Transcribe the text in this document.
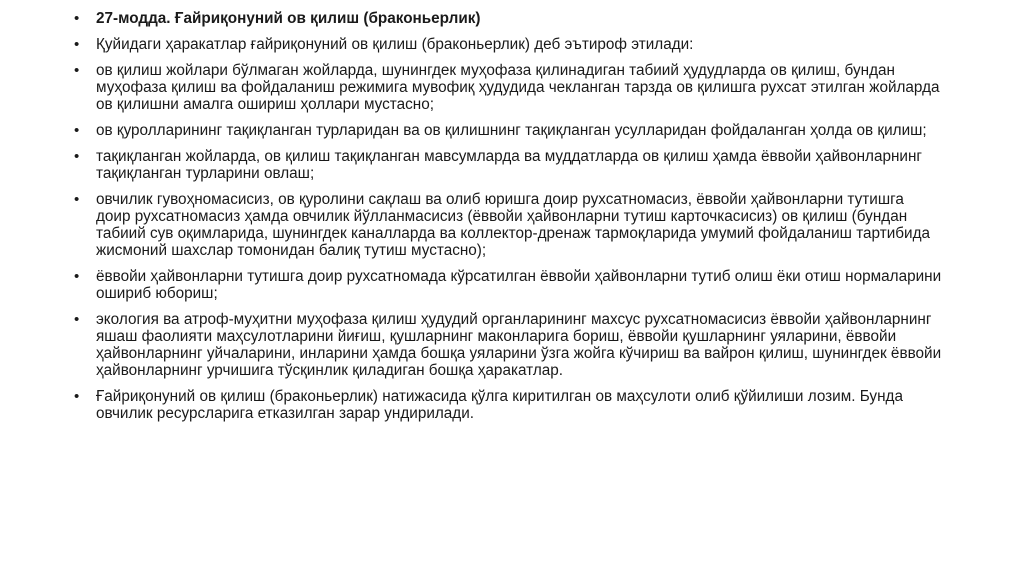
• 27-модда. Ғайриқонуний ов қилиш (браконьерлик)
• Қуйидаги ҳаракатлар ғайриқонуний ов қилиш (браконьерлик) деб эътироф этилади:
• ов қилиш жойлари бўлмаган жойларда, шунингдек муҳофаза қилинадиган табиий ҳудудларда ов қилиш, бундан муҳофаза қилиш ва фойдаланиш режимига мувофиқ ҳудудида чекланган тарзда ов қилишга рухсат этилган жойларда ов қилишни амалга ошириш ҳоллари мустасно;
• ов қуролларининг тақиқланган турларидан ва ов қилишнинг тақиқланган усулларидан фойдаланган ҳолда ов қилиш;
• тақиқланган жойларда, ов қилиш тақиқланган мавсумларда ва муддатларда ов қилиш ҳамда ёввойи ҳайвонларнинг тақиқланган турларини овлаш;
• овчилик гувоҳномасисиз, ов қуролини сақлаш ва олиб юришга доир рухсатномасиз, ёввойи ҳайвонларни тутишга доир рухсатномасиз ҳамда овчилик йўлланмасисиз (ёввойи ҳайвонларни тутиш карточкасисиз) ов қилиш (бундан табиий сув оқимларида, шунингдек каналларда ва коллектор-дренаж тармоқларида умумий фойдаланиш тартибида жисмоний шахслар томонидан балиқ тутиш мустасно);
• ёввойи ҳайвонларни тутишга доир рухсатномада кўрсатилган ёввойи ҳайвонларни тутиб олиш ёки отиш нормаларини ошириб юбориш;
• экология ва атроф-муҳитни муҳофаза қилиш ҳудудий органларининг махсус рухсатномасисиз ёввойи ҳайвонларнинг яшаш фаолияти маҳсулотларини йиғиш, қушларнинг маконларига бориш, ёввойи қушларнинг уяларини, ёввойи ҳайвонларнинг уйчаларини, инларини ҳамда бошқа уяларини ўзга жойга кўчириш ва вайрон қилиш, шунингдек ёввойи ҳайвонларнинг урчишига тўсқинлик қиладиган бошқа ҳаракатлар.
• Ғайриқонуний ов қилиш (браконьерлик) натижасида қўлга киритилган ов маҳсулоти олиб қўйилиши лозим. Бунда овчилик ресурсларига етказилган зарар ундирилади.
